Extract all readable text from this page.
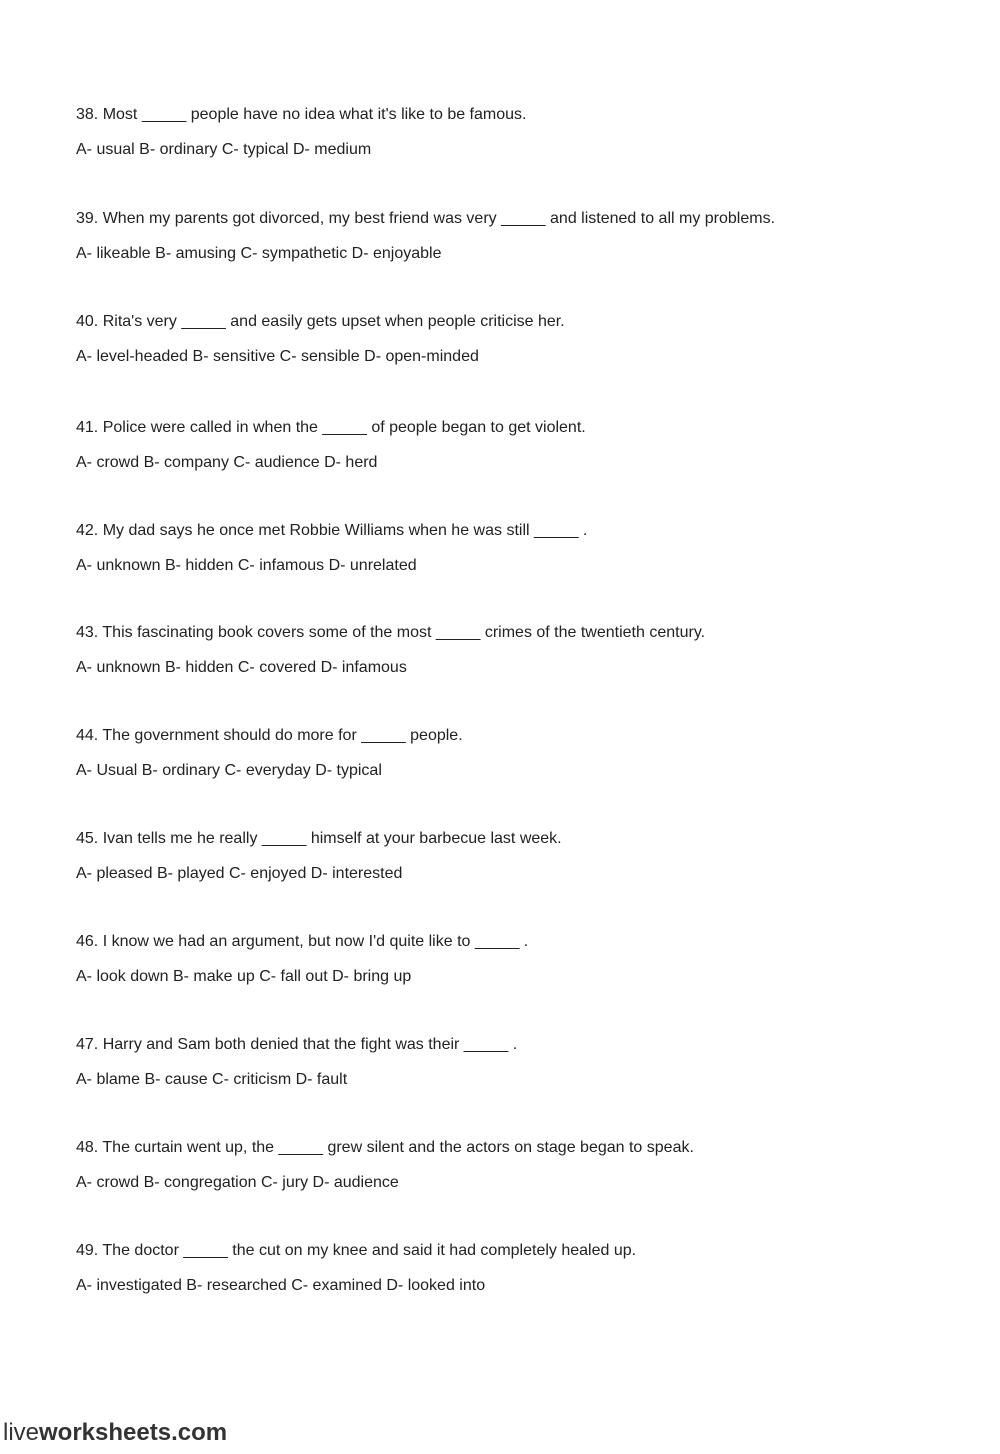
38. Most _____ people have no idea what it's like to be famous.
A- usual B- ordinary C- typical D- medium
39. When my parents got divorced, my best friend was very _____ and listened to all my problems.
A- likeable B- amusing C- sympathetic D- enjoyable
40. Rita's very _____ and easily gets upset when people criticise her.
A- level-headed B- sensitive C- sensible D- open-minded
41. Police were called in when the _____ of people began to get violent.
A- crowd B- company C- audience D- herd
42. My dad says he once met Robbie Williams when he was still _____ .
A- unknown B- hidden C- infamous D- unrelated
43. This fascinating book covers some of the most _____ crimes of the twentieth century.
A- unknown B- hidden C- covered D- infamous
44. The government should do more for _____ people.
A- Usual B- ordinary C- everyday D- typical
45. Ivan tells me he really _____ himself at your barbecue last week.
A- pleased B- played C- enjoyed D- interested
46. I know we had an argument, but now I'd quite like to _____ .
A- look down B- make up C- fall out D- bring up
47. Harry and Sam both denied that the fight was their _____ .
A- blame B- cause C- criticism D- fault
48. The curtain went up, the _____ grew silent and the actors on stage began to speak.
A- crowd B- congregation C- jury D- audience
49. The doctor _____ the cut on my knee and said it had completely healed up.
A- investigated B- researched C- examined D- looked into
liveworksheets.com
